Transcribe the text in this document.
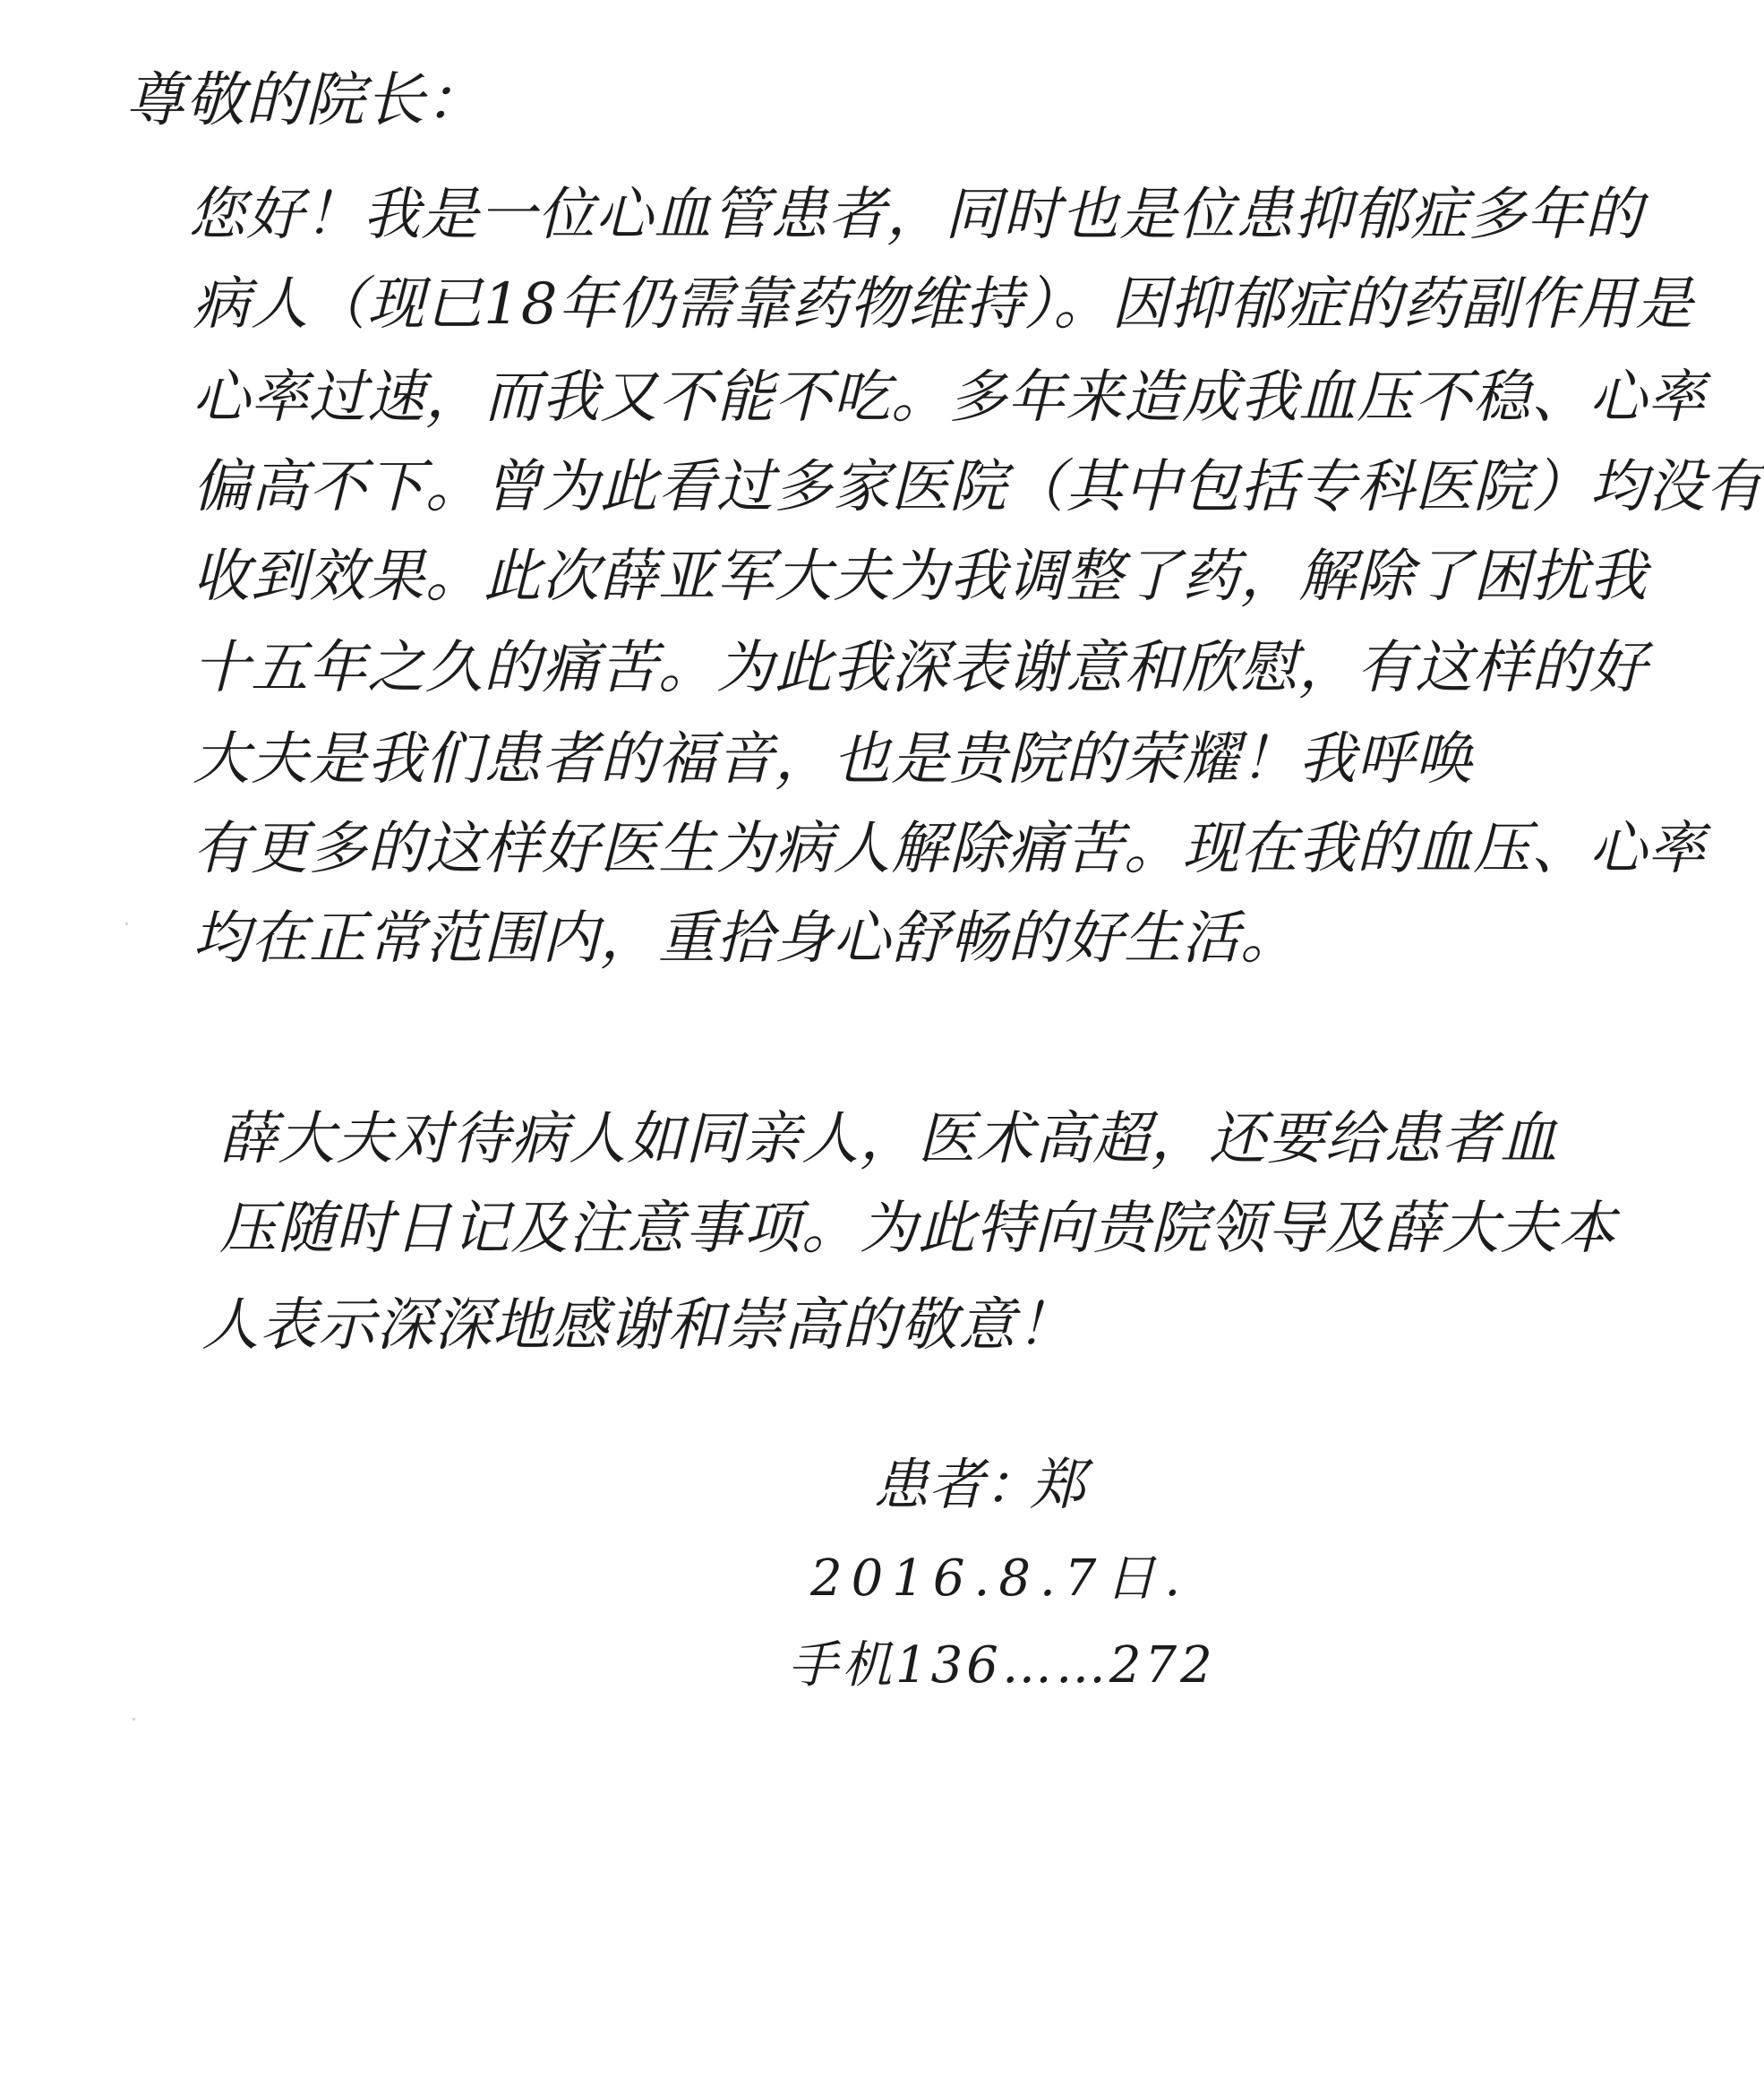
尊敬的院长：
您好！我是一位心血管患者，同时也是位患抑郁症多年的
病人（现已18年仍需靠药物维持）。因抑郁症的药副作用是
心率过速，而我又不能不吃。多年来造成我血压不稳、心率
偏高不下。曾为此看过多家医院（其中包括专科医院）均没有
收到效果。此次薛亚军大夫为我调整了药，解除了困扰我
十五年之久的痛苦。为此我深表谢意和欣慰，有这样的好
大夫是我们患者的福音，也是贵院的荣耀！我呼唤
有更多的这样好医生为病人解除痛苦。现在我的血压、心率
均在正常范围内，重拾身心舒畅的好生活。
薛大夫对待病人如同亲人，医术高超，还要给患者血
压随时日记及注意事项。为此特向贵院领导及薛大夫本
人表示深深地感谢和崇高的敬意！
患者：
郑
2016.8.7日.
手机136……272
